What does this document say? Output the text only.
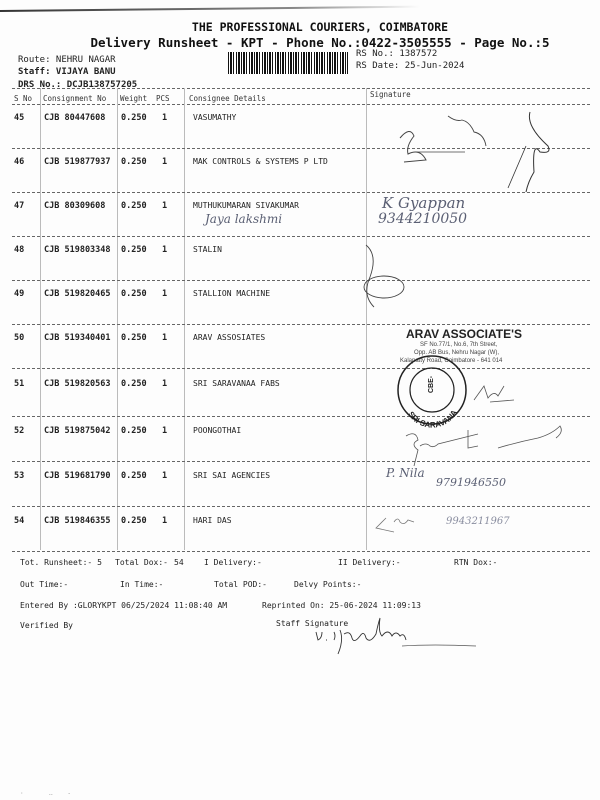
THE PROFESSIONAL COURIERS, COIMBATORE
Delivery Runsheet - KPT - Phone No.:0422-3505555 - Page No.:5
Route: NEHRU NAGAR
Staff: VIJAYA BANU
DRS No.: DCJB138757205
RS No.: 1387572
RS Date: 25-Jun-2024
S No Consignment No Weight PCS	Consignee Details	Signature
45 CJB 80447608 0.250 1	VASUMATHY
46 CJB 519877937 0.250 1	MAK CONTROLS & SYSTEMS P LTD
47 CJB 80309608 0.250 1	MUTHUKUMARAN SIVAKUMAR
48 CJB 519803348 0.250 1	STALIN
49 CJB 519820465 0.250 1	STALLION MACHINE
50 CJB 519340401 0.250 1	ARAV ASSOSIATES
51 CJB 519820563 0.250 1	SRI SARAVANAA FABS
52 CJB 519875042 0.250 1	POONGOTHAI
53 CJB 519681790 0.250 1	SRI SAI AGENCIES
54 CJB 519846355 0.250 1	HARI DAS
Jaya lakshmi
K Gyappan
9344210050
ARAV ASSOCIATE'S
SF No.77/1, No.6, 7th Street,
Opp. AB Bus, Nehru Nagar (W),
Kalapatty Road, Coimbatore - 641 014
CBE-
SRI SARAVANAA
P. Nila
9791946550
9943211967
Tot. Runsheet:- 5 Total Dox:- 54	I Delivery:-	II Delivery:-	RTN Dox:-
Out Time:-	In Time:-	Total POD:-	Delvy Points:-
Entered By :GLORYKPT 06/25/2024 11:08:40 AM	Reprinted On: 25-06-2024 11:09:13
Verified By	Staff Signature
·       ‥    -
